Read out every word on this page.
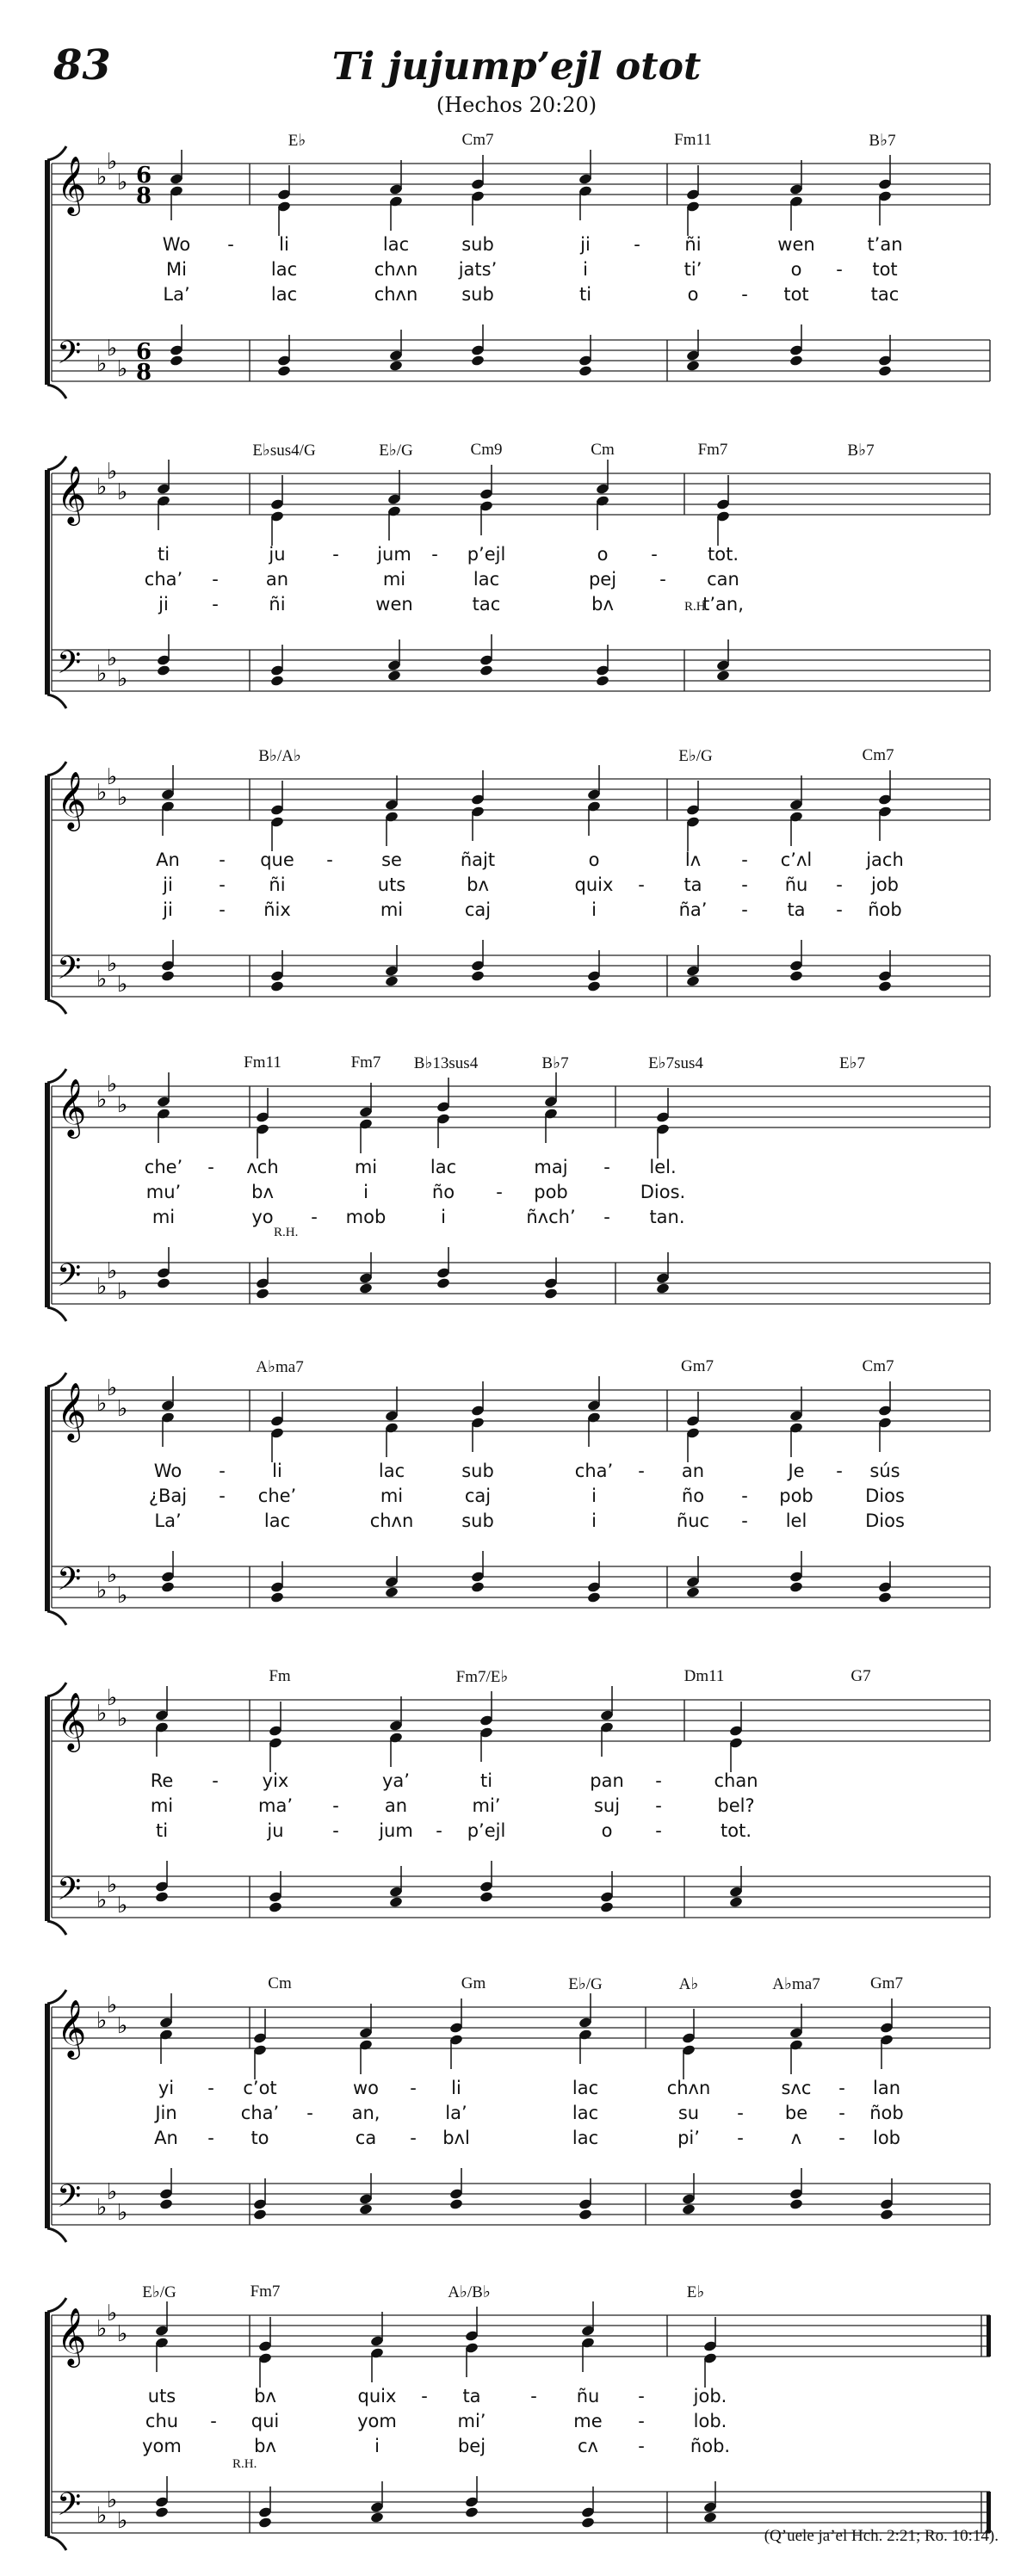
83	Ti jujump’ejl otot
(Hechos 20:20)
𝄞
𝄢
♭
♭
♭
♭
♭
♭
6
8
6
8
E♭	Cm7	Fm11	B♭7
Wo - li	lac	sub	ji - ñi	wen	t’an
Mi	lac	chʌn jats’	i	ti’	o - tot
La’	lac	chʌn sub	ti	o - tot	tac
𝄞
𝄢
♭
♭
♭
♭
♭
♭
E♭sus4/G	E♭/G	Cm9	Cm	Fm7	B♭7
R.H.
ti	ju	- jum - p’ejl	o -	tot.
cha’ -	an	mi	lac	pej - can
ji -	ñi	wen	tac	bʌ	t’an,
𝄞
𝄢
♭
♭
♭
♭
♭
♭
B♭/A♭	E♭/G	Cm7
An - que -	se	ñajt	o	lʌ - c’ʌl	jach
ji	- ñi	uts	bʌ	quix - ta - ñu - job
ji	- ñix	mi	caj	i	ña’ - ta - ñob
𝄞
𝄢
♭
♭
♭
♭
♭
♭
Fm11	Fm7 B♭13sus4	B♭7	E♭7sus4	E♭7
R.H.
che’ - ʌch	mi	lac	maj - lel.
mu’	bʌ	i	ño - pob	Dios.
mi	yo - mob	i	ñʌch’ - tan.
𝄞
𝄢
♭
♭
♭
♭
♭
♭
A♭ma7	Gm7	Cm7
Wo -	li	lac	sub	cha’ - an	Je - sús
¿Baj - che’	mi	caj	i	ño - pob	Dios
La’	lac	chʌn	sub	i	ñuc - lel	Dios
𝄞
𝄢
♭
♭
♭
♭
♭
♭
Fm	Fm7/E♭	Dm11	G7
Re - yix	ya’	ti	pan -	chan
mi	ma’ -	an	mi’	suj -	bel?
ti	ju	- jum - p’ejl	o -	tot.
𝄞
𝄢
♭
♭
♭
♭
♭
♭
Cm	Gm	E♭/G	A♭	A♭ma7	Gm7
yi - c’ot	wo - li	lac	chʌn	sʌc - lan
Jin	cha’ - an,	la’	lac	su - be - ñob
An - to	ca - bʌl	lac	pi’ -	ʌ - lob
𝄞
𝄢
♭
♭
♭
♭
♭
♭
E♭/G	Fm7	A♭/B♭	E♭
R.H.
uts	bʌ	quix - ta	- ñu -	job.
chu - qui	yom	mi’	me -	lob.
yom	bʌ	i	bej	cʌ -	ñob.
(Q’uele ja’el Hch. 2:21; Ro. 10:14).
